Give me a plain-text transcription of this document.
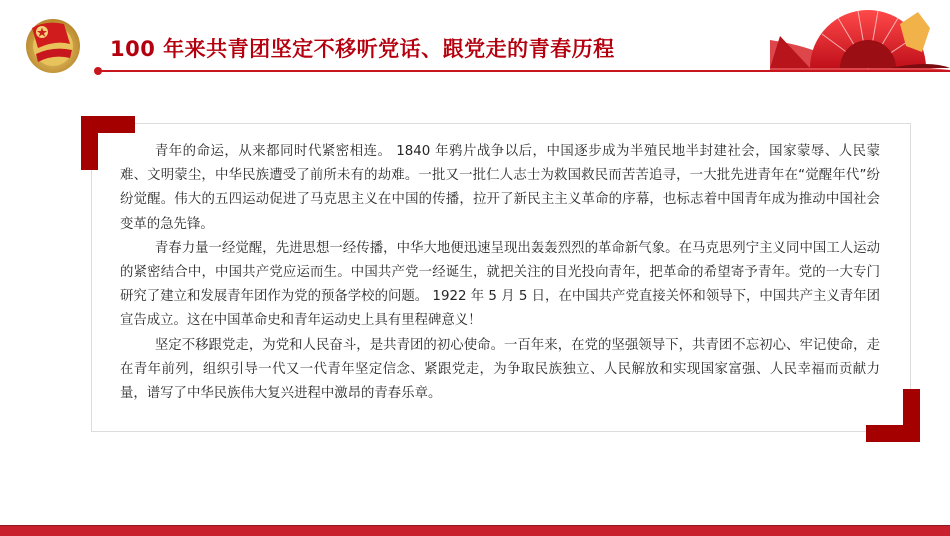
100 年来共青团坚定不移听党话、跟党走的青春历程

青年的命运，从来都同时代紧密相连。 1840 年鸦片战争以后，中国逐步成为半殖民地半封建社会，国家蒙辱、人民蒙难、文明蒙尘，中华民族遭受了前所未有的劫难。一批又一批仁人志士为救国救民而苦苦追寻，一大批先进青年在“觉醒年代”纷纷觉醒。伟大的五四运动促进了马克思主义在中国的传播，拉开了新民主主义革命的序幕，也标志着中国青年成为推动中国社会变革的急先锋。

青春力量一经觉醒，先进思想一经传播，中华大地便迅速呈现出轰轰烈烈的革命新气象。在马克思列宁主义同中国工人运动的紧密结合中，中国共产党应运而生。中国共产党一经诞生，就把关注的目光投向青年，把革命的希望寄予青年。党的一大专门研究了建立和发展青年团作为党的预备学校的问题。 1922 年 5 月 5 日，在中国共产党直接关怀和领导下，中国共产主义青年团宣告成立。这在中国革命史和青年运动史上具有里程碑意义！

坚定不移跟党走，为党和人民奋斗，是共青团的初心使命。一百年来，在党的坚强领导下，共青团不忘初心、牢记使命，走在青年前列，组织引导一代又一代青年坚定信念、紧跟党走，为争取民族独立、人民解放和实现国家富强、人民幸福而贡献力量，谱写了中华民族伟大复兴进程中激昂的青春乐章。
